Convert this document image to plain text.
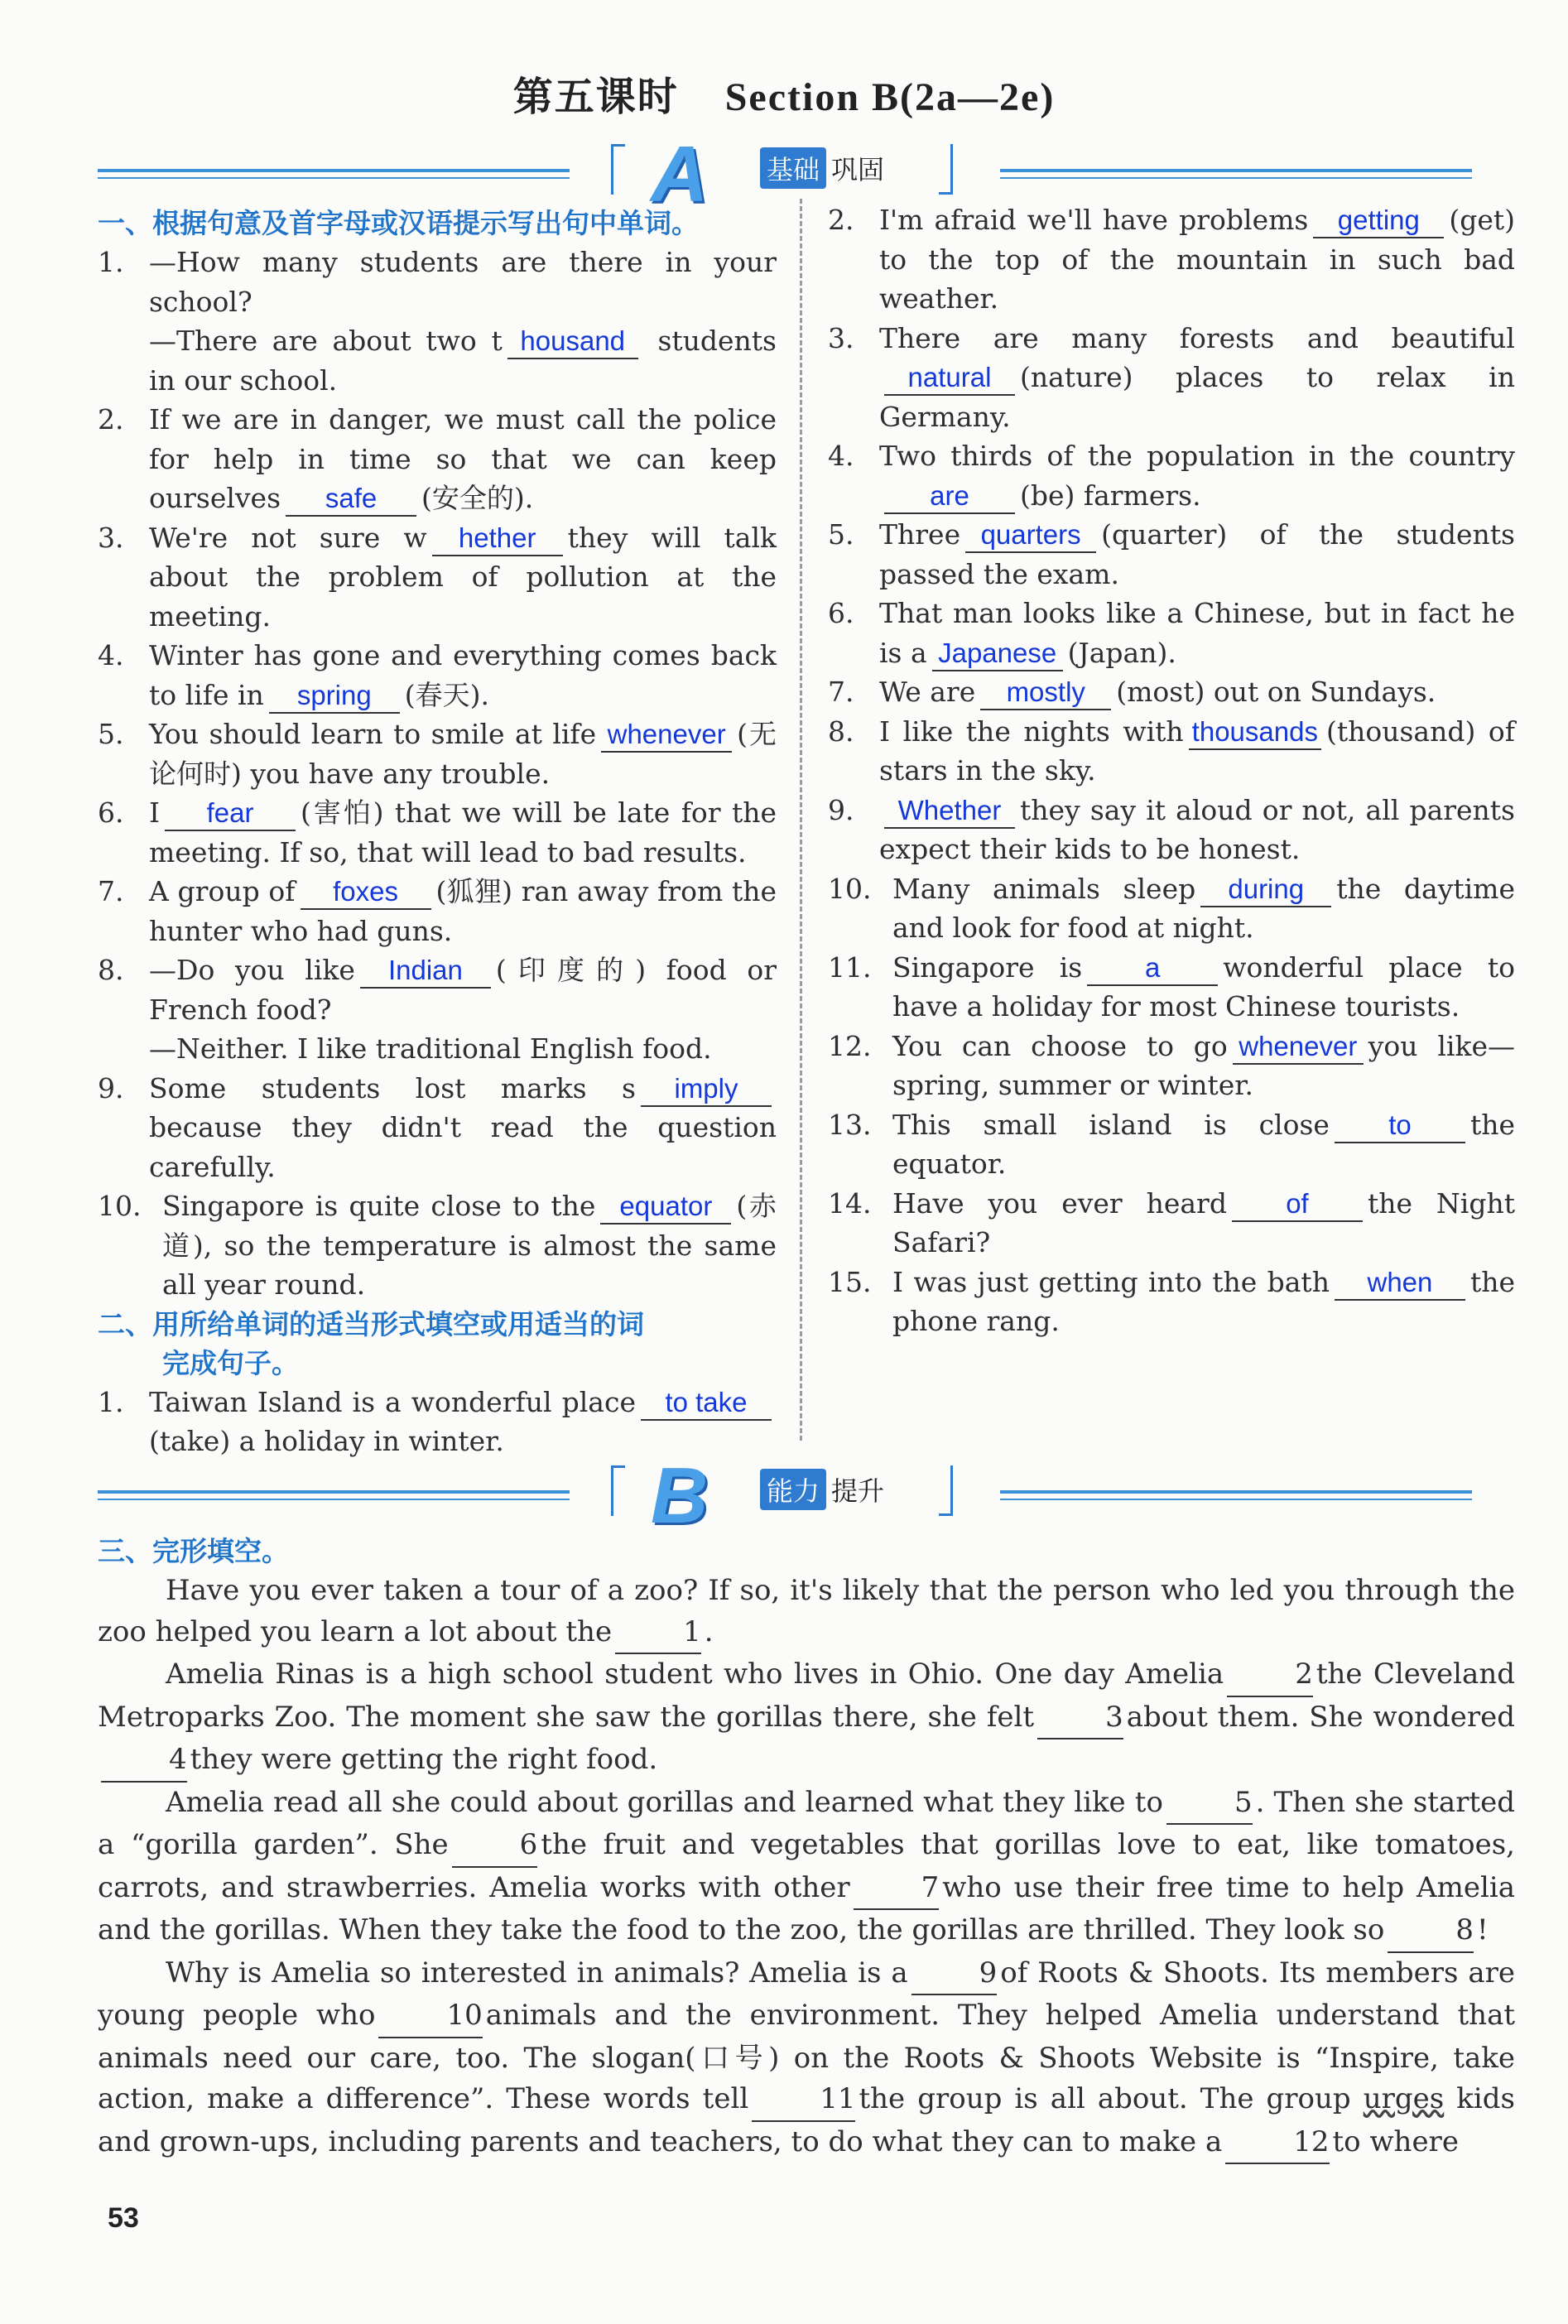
第五课时 Section B(2a—2e)
A 基础 巩固
一、根据句意及首字母或汉语提示写出句中单词。
1. —How many students are there in your school?
—There are about two t housand students in our school.
2. If we are in danger, we must call the police for help in time so that we can keep ourselves safe (安全的).
3. We're not sure w hether they will talk about the problem of pollution at the meeting.
4. Winter has gone and everything comes back to life in spring (春天).
5. You should learn to smile at life whenever (无论何时) you have any trouble.
6. I fear (害怕) that we will be late for the meeting. If so, that will lead to bad results.
7. A group of foxes (狐狸) ran away from the hunter who had guns.
8. —Do you like Indian (印度的) food or French food?
—Neither. I like traditional English food.
9. Some students lost marks s implybecause they didn't read the question carefully.
10. Singapore is quite close to the equator (赤道), so the temperature is almost the same all year round.
二、用所给单词的适当形式填空或用适当的词
完成句子。
1. Taiwan Island is a wonderful place to take(take) a holiday in winter.
2. I'm afraid we'll have problems getting (get) to the top of the mountain in such bad weather.
3. There are many forests and beautifulnatural (nature) places to relax in Germany.
4. Two thirds of the population in the countryare (be) farmers.
5. Three quarters (quarter) of the students passed the exam.
6. That man looks like a Chinese, but in fact he is a Japanese (Japan).
7. We are mostly (most) out on Sundays.
8. I like the nights with thousands (thousand) of stars in the sky.
9. Whether they say it aloud or not, all parents expect their kids to be honest.
10. Many animals sleep during the daytime and look for food at night.
11. Singapore is a wonderful place to have a holiday for most Chinese tourists.
12. You can choose to go whenever you like—spring, summer or winter.
13. This small island is close to the equator.
14. Have you ever heard of the Night Safari?
15. I was just getting into the bath when the phone rang.
B 能力 提升
三、完形填空。

Have you ever taken a tour of a zoo? If so, it's likely that the person who led you through the zoo helped you learn a lot about the	1 .

Amelia Rinas is a high school student who lives in Ohio. One day Amelia	2 the Cleveland Metroparks Zoo. The moment she saw the gorillas there, she felt	3 about them. She wondered4 they were getting the right food.

Amelia read all she could about gorillas and learned what they like to	5 . Then she started a “gorilla garden”. She	6 the fruit and vegetables that gorillas love to eat, like tomatoes, carrots, and strawberries. Amelia works with other	7 who use their free time to help Amelia and the gorillas. When they take the food to the zoo, the gorillas are thrilled. They look so	8 !

Why is Amelia so interested in animals? Amelia is a	9 of Roots & Shoots. Its members are young people who	10 animals and the environment. They helped Amelia understand that animals need our care, too. The slogan(口号) on the Roots & Shoots Website is “Inspire, take action, make a difference”. These words tell	11 the group is all about. The group urges kids and grown-ups, including parents and teachers, to do what they can to make a	12 to where

53
